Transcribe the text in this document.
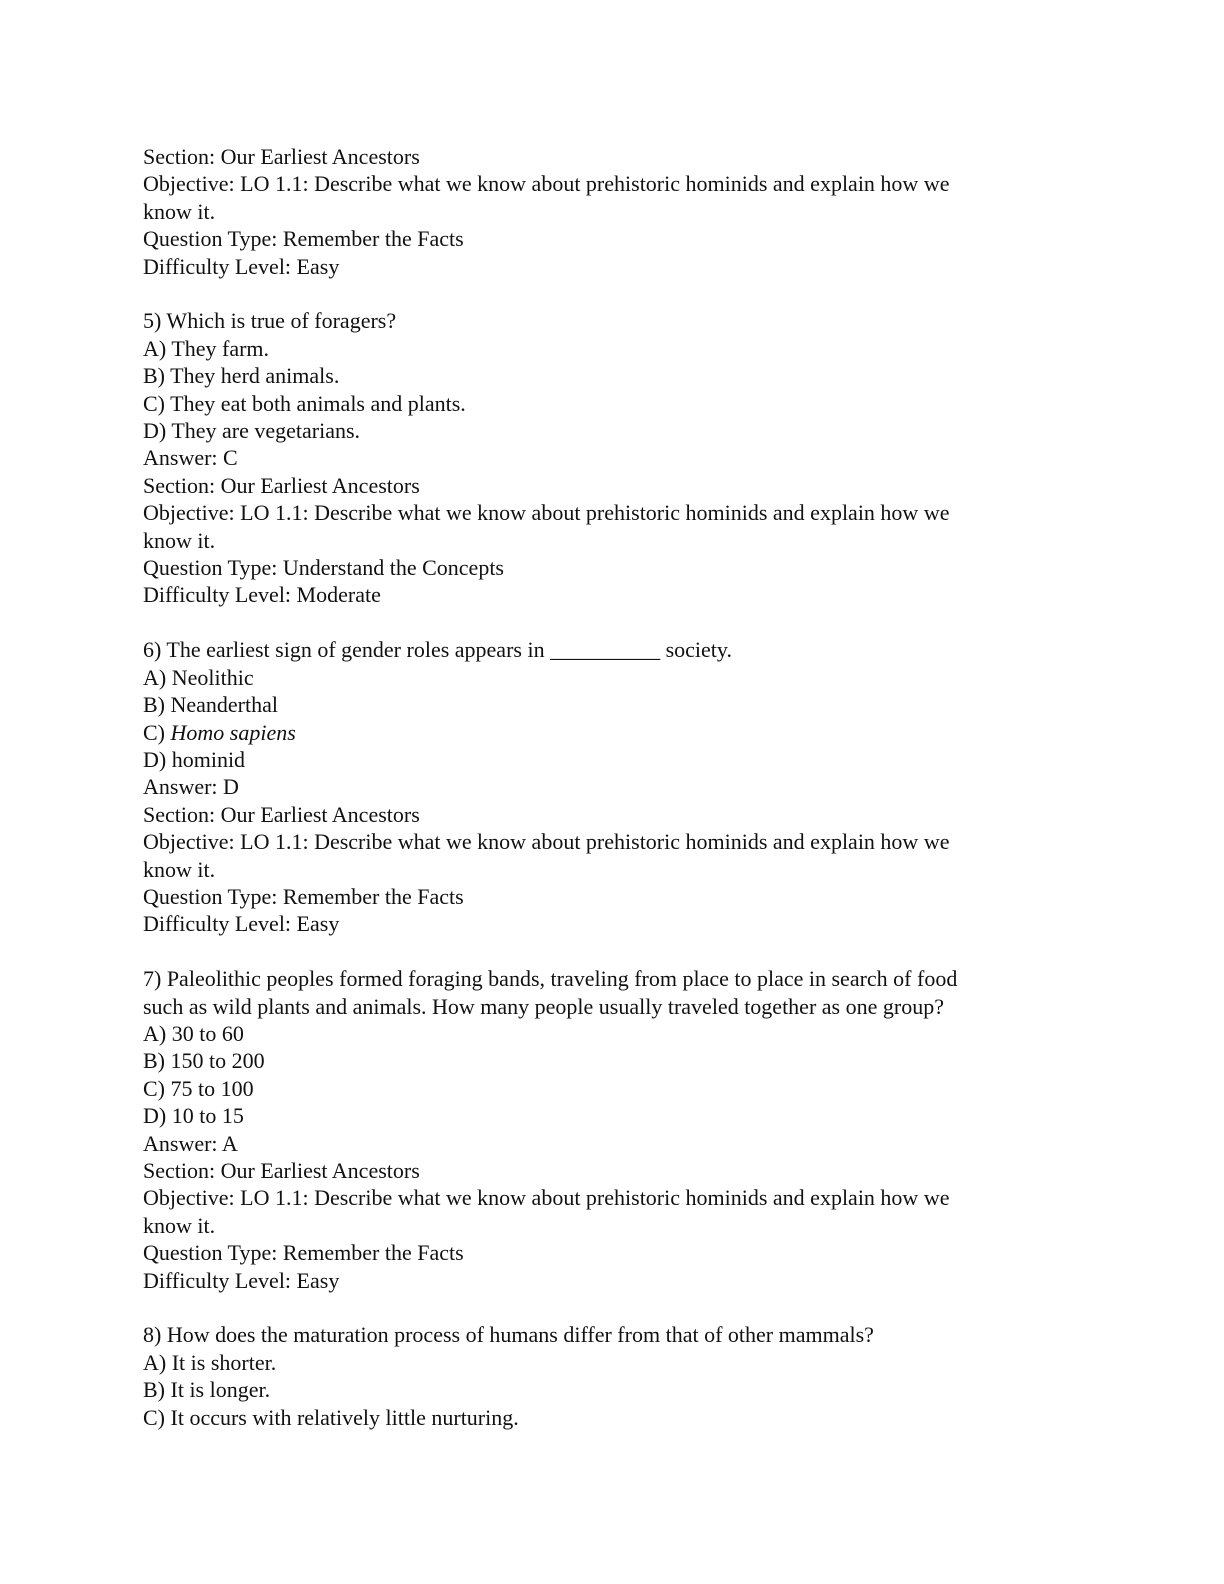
Section: Our Earliest Ancestors
Objective: LO 1.1: Describe what we know about prehistoric hominids and explain how we
know it.
Question Type: Remember the Facts
Difficulty Level: Easy
5) Which is true of foragers?
A) They farm.
B) They herd animals.
C) They eat both animals and plants.
D) They are vegetarians.
Answer: C
Section: Our Earliest Ancestors
Objective: LO 1.1: Describe what we know about prehistoric hominids and explain how we
know it.
Question Type: Understand the Concepts
Difficulty Level: Moderate
6) The earliest sign of gender roles appears in __________ society.
A) Neolithic
B) Neanderthal
C) Homo sapiens
D) hominid
Answer: D
Section: Our Earliest Ancestors
Objective: LO 1.1: Describe what we know about prehistoric hominids and explain how we
know it.
Question Type: Remember the Facts
Difficulty Level: Easy
7) Paleolithic peoples formed foraging bands, traveling from place to place in search of food
such as wild plants and animals. How many people usually traveled together as one group?
A) 30 to 60
B) 150 to 200
C) 75 to 100
D) 10 to 15
Answer: A
Section: Our Earliest Ancestors
Objective: LO 1.1: Describe what we know about prehistoric hominids and explain how we
know it.
Question Type: Remember the Facts
Difficulty Level: Easy
8) How does the maturation process of humans differ from that of other mammals?
A) It is shorter.
B) It is longer.
C) It occurs with relatively little nurturing.
